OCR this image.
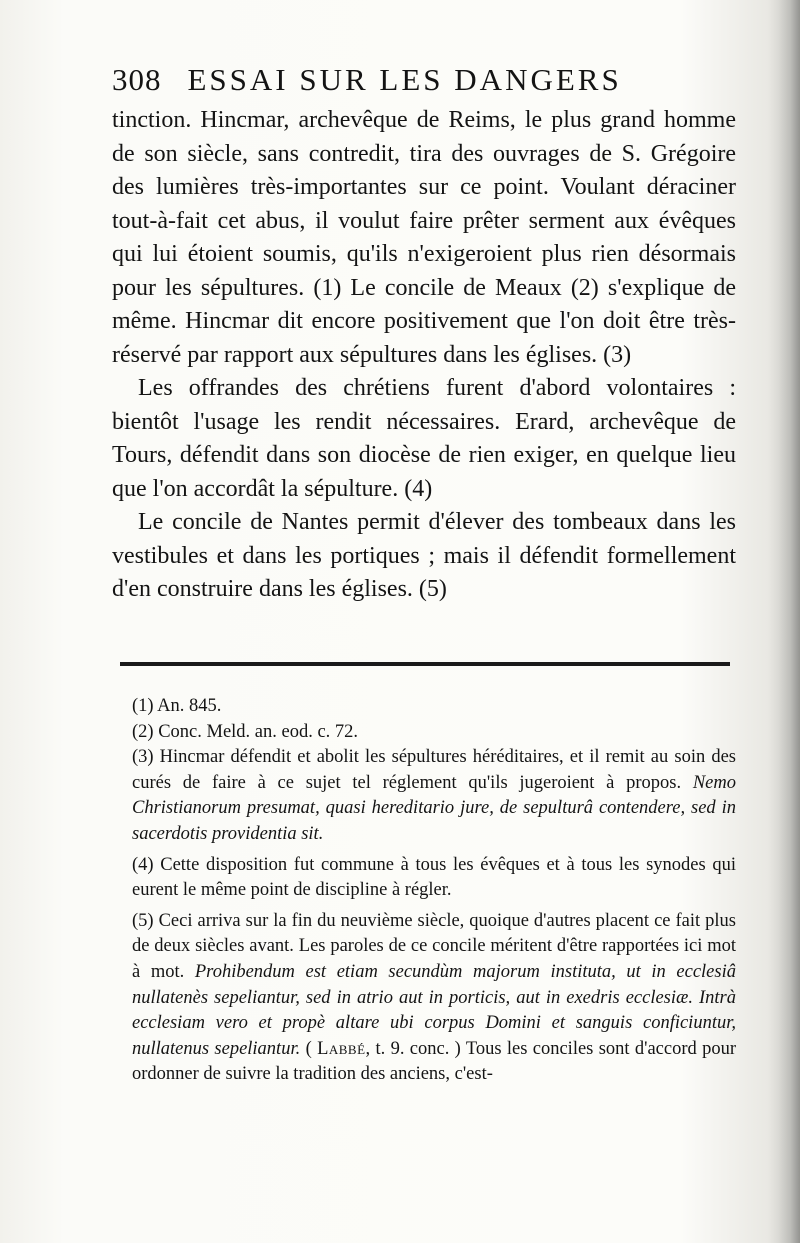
308 ESSAI SUR LES DANGERS

tinction. Hincmar, archevêque de Reims, le plus grand homme de son siècle, sans contredit, tira des ouvrages de S. Grégoire des lumières très-importantes sur ce point. Voulant déraciner tout-à-fait cet abus, il voulut faire prêter serment aux évêques qui lui étoient soumis, qu'ils n'exigeroient plus rien désormais pour les sépultures. (1) Le concile de Meaux (2) s'explique de même. Hincmar dit encore positivement que l'on doit être très-réservé par rapport aux sépultures dans les églises. (3)

Les offrandes des chrétiens furent d'abord volontaires : bientôt l'usage les rendit nécessaires. Erard, archevêque de Tours, défendit dans son diocèse de rien exiger, en quelque lieu que l'on accordât la sépulture. (4)

Le concile de Nantes permit d'élever des tombeaux dans les vestibules et dans les portiques ; mais il défendit formellement d'en construire dans les églises. (5)

(1) An. 845.

(2) Conc. Meld. an. eod. c. 72.

(3) Hincmar défendit et abolit les sépultures héréditaires, et il remit au soin des curés de faire à ce sujet tel réglement qu'ils jugeroient à propos. Nemo Christianorum presumat, quasi hereditario jure, de sepulturâ contendere, sed in sacerdotis providentia sit.

(4) Cette disposition fut commune à tous les évêques et à tous les synodes qui eurent le même point de discipline à régler.

(5) Ceci arriva sur la fin du neuvième siècle, quoique d'autres placent ce fait plus de deux siècles avant. Les paroles de ce concile méritent d'être rapportées ici mot à mot. Prohibendum est etiam secundùm majorum instituta, ut in ecclesiâ nullatenès sepeliantur, sed in atrio aut in porticis, aut in exedris ecclesiæ. Intrà ecclesiam vero et propè altare ubi corpus Domini et sanguis conficiuntur, nullatenus sepeliantur. ( Labbé, t. 9. conc. ) Tous les conciles sont d'accord pour ordonner de suivre la tradition des anciens, c'est-
